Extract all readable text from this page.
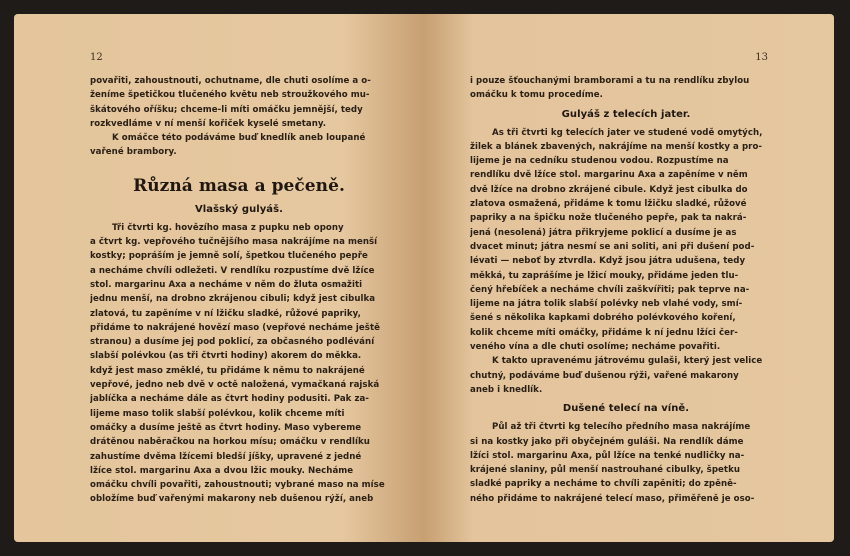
12
povařiti, zahoustnouti, ochutname, dle chuti osolíme a o-
ženíme špetičkou tlučeného květu neb stroužkového mu-
škátového oříšku; chceme-li míti omáčku jemnější, tedy
rozkvedláme v ní menší kořiček kyselé smetany.
K omáčce této podáváme buď knedlík aneb loupané
vařené brambory.
Různá masa a pečeně.
Vlašský gulyáš.
Tři čtvrti kg. hovězího masa z pupku neb opony
a čtvrt kg. vepřového tučnějšího masa nakrájíme na menší
kostky; popráším je jemně solí, špetkou tlučeného pepře
a necháme chvíli odležeti. V rendlíku rozpustíme dvě lžíce
stol. margarinu Axa a necháme v něm do žluta osmažiti
jednu menší, na drobno zkrájenou cibuli; když jest cibulka
zlatová, tu zapěníme v ní lžičku sladké, růžové papriky,
přidáme to nakrájené hovězí maso (vepřové necháme ještě
stranou) a dusíme jej pod poklicí, za občasného podlévání
slabší polévkou (as tři čtvrti hodiny) akorem do měkka.
když jest maso změklé, tu přidáme k němu to nakrájené
vepřové, jedno neb dvě v octě naložená, vymačkaná rajská
jablíčka a necháme dále as čtvrt hodiny podusiti. Pak za-
lijeme maso tolik slabší polévkou, kolik chceme míti
omáčky a dusíme ještě as čtvrt hodiny. Maso vybereme
drátěnou naběračkou na horkou mísu; omáčku v rendlíku
zahustíme dvěma lžícemi bledší jíšky, upravené z jedné
lžíce stol. margarinu Axa a dvou lžic mouky. Necháme
omáčku chvíli povařiti, zahoustnouti; vybrané maso na míse
obložíme buď vařenými makarony neb dušenou rýží, aneb
13
i pouze šťouchanými bramborami a tu na rendlíku zbylou
omáčku k tomu procedíme.
Gulyáš z telecích jater.
As tři čtvrti kg telecích jater ve studené vodě omytých,
žilek a blánek zbavených, nakrájíme na menší kostky a pro-
lijeme je na cedníku studenou vodou. Rozpustíme na
rendlíku dvě lžíce stol. margarinu Axa a zapěníme v něm
dvě lžíce na drobno zkrájené cibule. Když jest cibulka do
zlatova osmažená, přidáme k tomu lžičku sladké, růžové
papriky a na špičku nože tlučeného pepře, pak ta nakrá-
jená (nesolená) játra přikryjeme poklicí a dusíme je as
dvacet minut; játra nesmí se ani soliti, ani při dušení pod-
lévati — neboť by ztvrdla. Když jsou játra udušena, tedy
měkká, tu zaprášíme je lžicí mouky, přidáme jeden tlu-
čený hřebíček a necháme chvíli zaškvířiti; pak teprve na-
lijeme na játra tolik slabší polévky neb vlahé vody, smí-
šené s několika kapkami dobrého polévkového koření,
kolik chceme míti omáčky, přidáme k ní jednu lžíci čer-
veného vína a dle chuti osolíme; necháme povařiti.
K takto upravenému játrovému gulaši, který jest velice
chutný, podáváme buď dušenou rýži, vařené makarony
aneb i knedlík.
Dušené telecí na víně.
Půl až tři čtvrti kg telecího předního masa nakrájíme
si na kostky jako při obyčejném guláši. Na rendlík dáme
lžíci stol. margarinu Axa, půl lžíce na tenké nudličky na-
krájené slaniny, půl menší nastrouhané cibulky, špetku
sladké papriky a necháme to chvíli zapěniti; do zpěně-
ného přidáme to nakrájené telecí maso, přiměřeně je oso-
